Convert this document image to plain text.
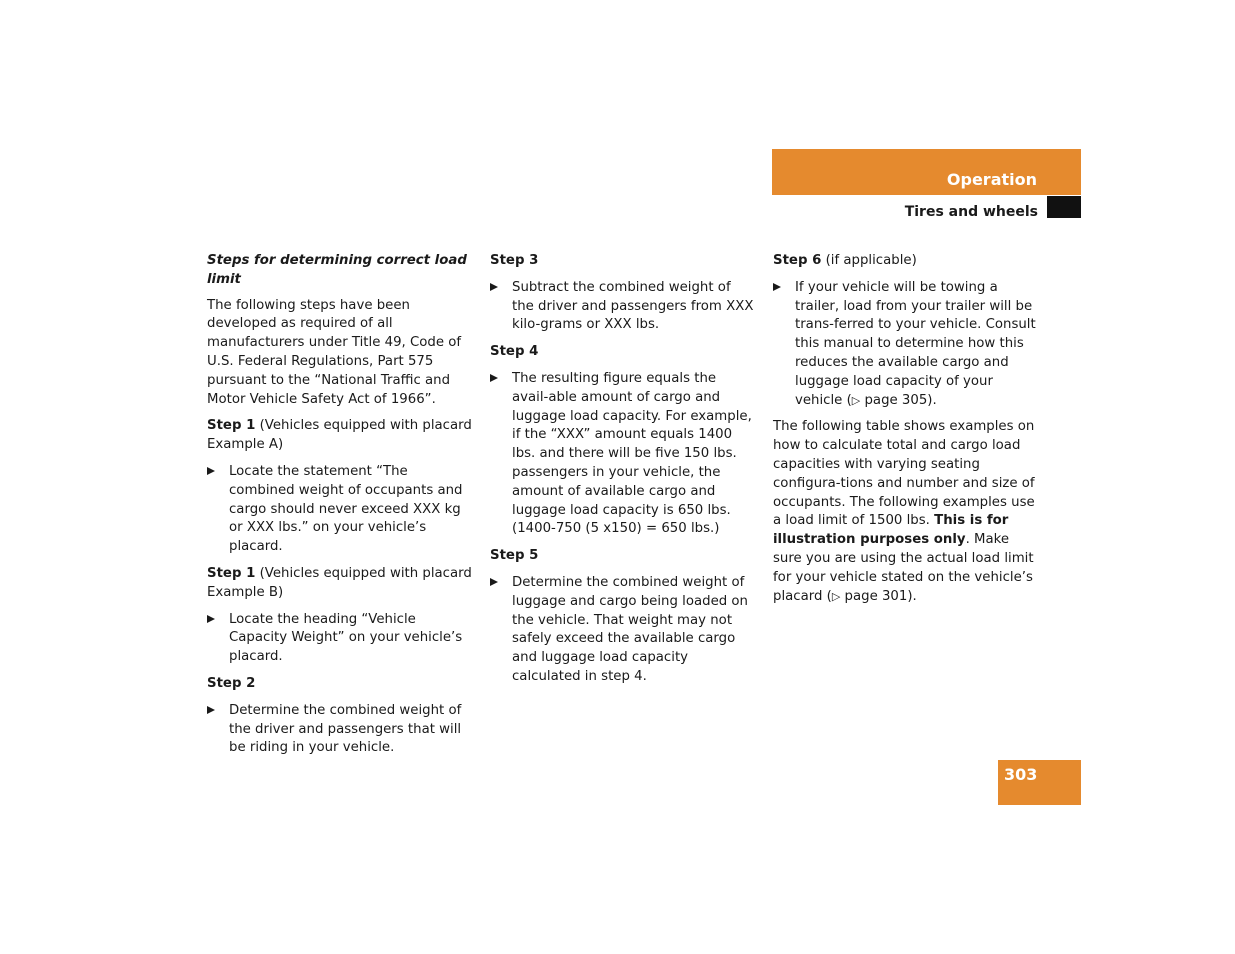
Operation
Tires and wheels

Steps for determining correct load limit

The following steps have been developed as required of all manufacturers under Title 49, Code of U.S. Federal Regulations, Part 575 pursuant to the “National Traffic and Motor Vehicle Safety Act of 1966”.

Step 1 (Vehicles equipped with placard Example A)

Locate the statement “The combined weight of occupants and cargo should never exceed XXX kg or XXX lbs.” on your vehicle’s placard.

Step 1 (Vehicles equipped with placard Example B)

Locate the heading “Vehicle Capacity Weight” on your vehicle’s placard.

Step 2

Determine the combined weight of the driver and passengers that will be riding in your vehicle.

Step 3

Subtract the combined weight of the driver and passengers from XXX kilo-grams or XXX lbs.

Step 4

The resulting figure equals the avail-able amount of cargo and luggage load capacity. For example, if the “XXX” amount equals 1400 lbs. and there will be five 150 lbs. passengers in your vehicle, the amount of available cargo and luggage load capacity is 650 lbs. (1400-750 (5 x150) = 650 lbs.)

Step 5

Determine the combined weight of luggage and cargo being loaded on the vehicle. That weight may not safely exceed the available cargo and luggage load capacity calculated in step 4.

Step 6 (if applicable)

If your vehicle will be towing a trailer, load from your trailer will be trans-ferred to your vehicle. Consult this manual to determine how this reduces the available cargo and luggage load capacity of your vehicle (▷ page 305).

The following table shows examples on how to calculate total and cargo load capacities with varying seating configura-tions and number and size of occupants. The following examples use a load limit of 1500 lbs. This is for illustration purposes only. Make sure you are using the actual load limit for your vehicle stated on the vehicle’s placard (▷ page 301).

303
